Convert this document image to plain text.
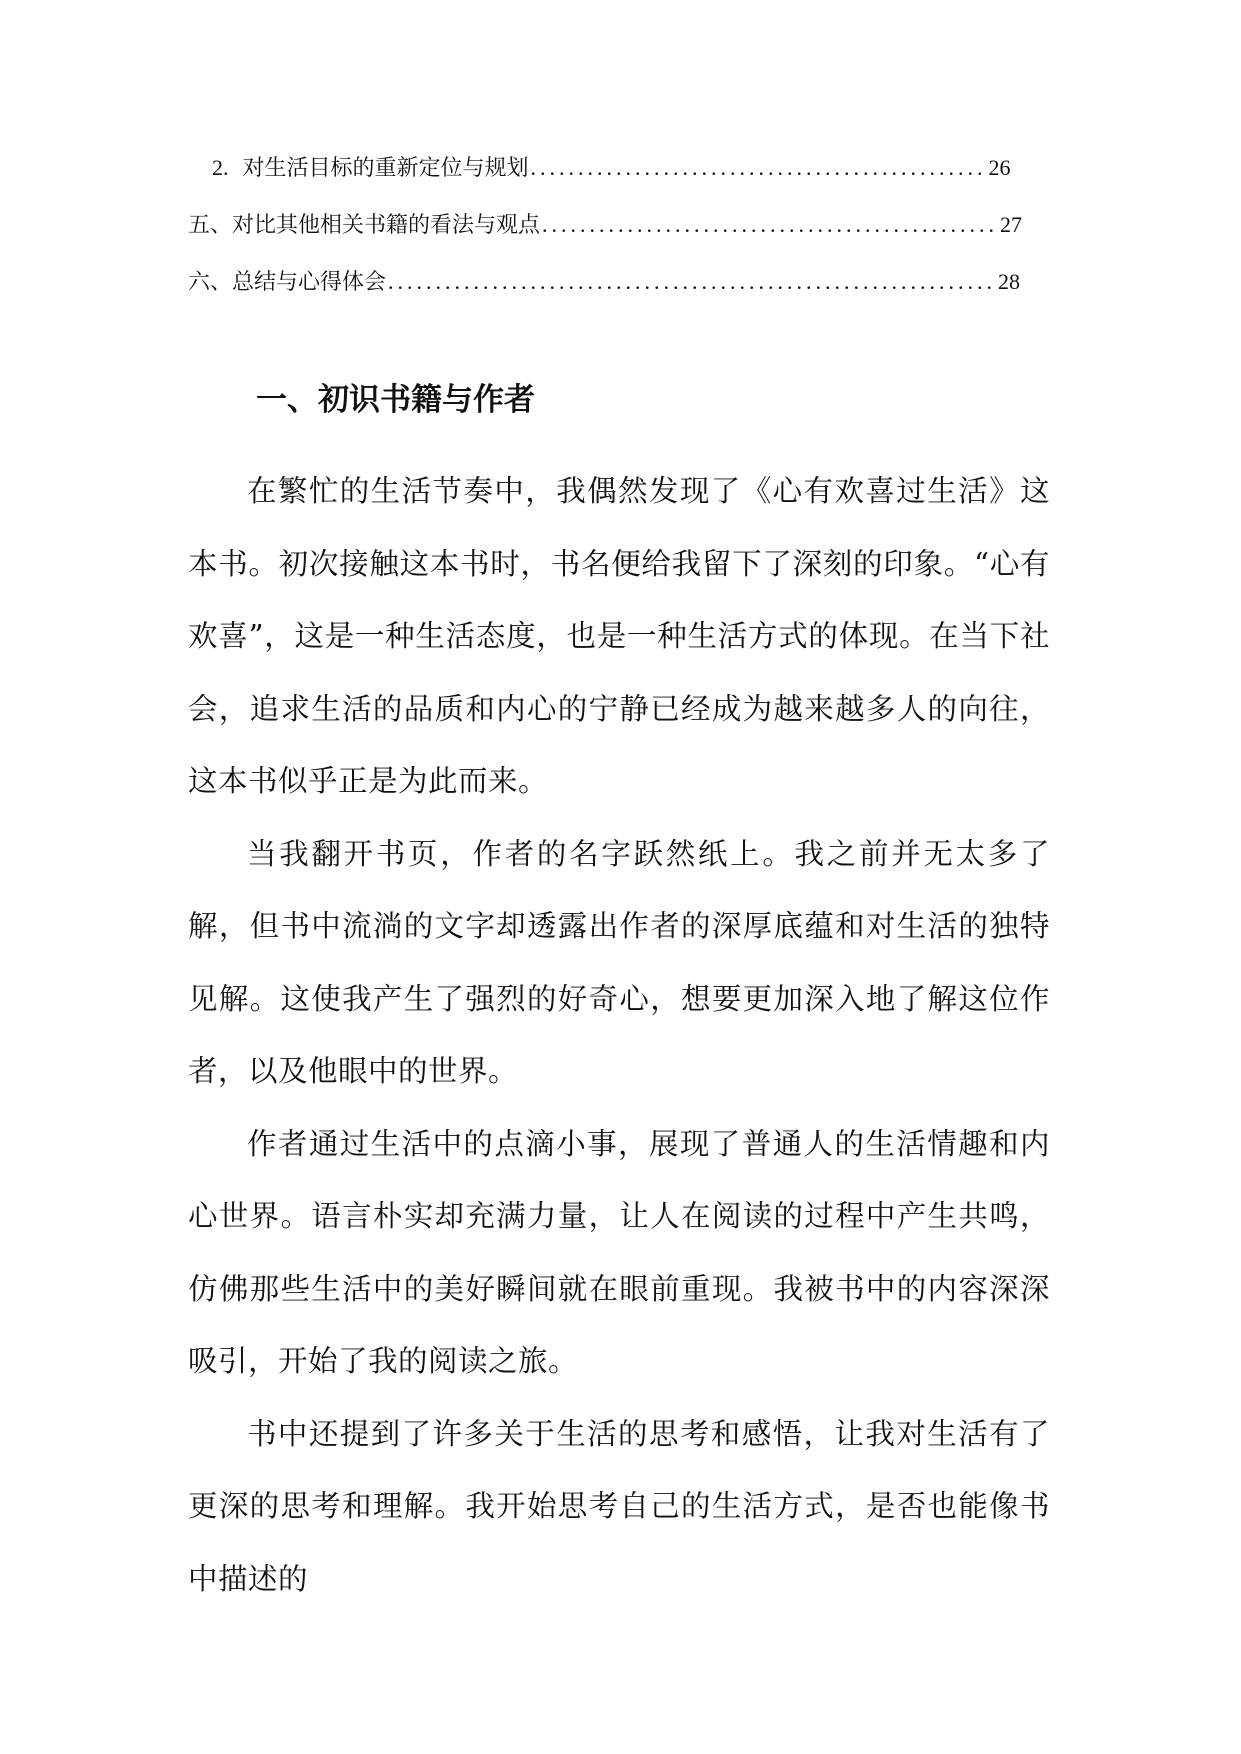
2. 对生活目标的重新定位与规划 ................................................ 26
五、对比其他相关书籍的看法与观点 ................................................ 27
六、总结与心得体会 ................................................................ 28
一、初识书籍与作者

在繁忙的生活节奏中，我偶然发现了《心有欢喜过生活》这本书。初次接触这本书时，书名便给我留下了深刻的印象。“心有欢喜”，这是一种生活态度，也是一种生活方式的体现。在当下社会，追求生活的品质和内心的宁静已经成为越来越多人的向往，这本书似乎正是为此而来。

当我翻开书页，作者的名字跃然纸上。我之前并无太多了解，但书中流淌的文字却透露出作者的深厚底蕴和对生活的独特见解。这使我产生了强烈的好奇心，想要更加深入地了解这位作者，以及他眼中的世界。

作者通过生活中的点滴小事，展现了普通人的生活情趣和内心世界。语言朴实却充满力量，让人在阅读的过程中产生共鸣，仿佛那些生活中的美好瞬间就在眼前重现。我被书中的内容深深吸引，开始了我的阅读之旅。

书中还提到了许多关于生活的思考和感悟，让我对生活有了更深的思考和理解。我开始思考自己的生活方式，是否也能像书中描述的
